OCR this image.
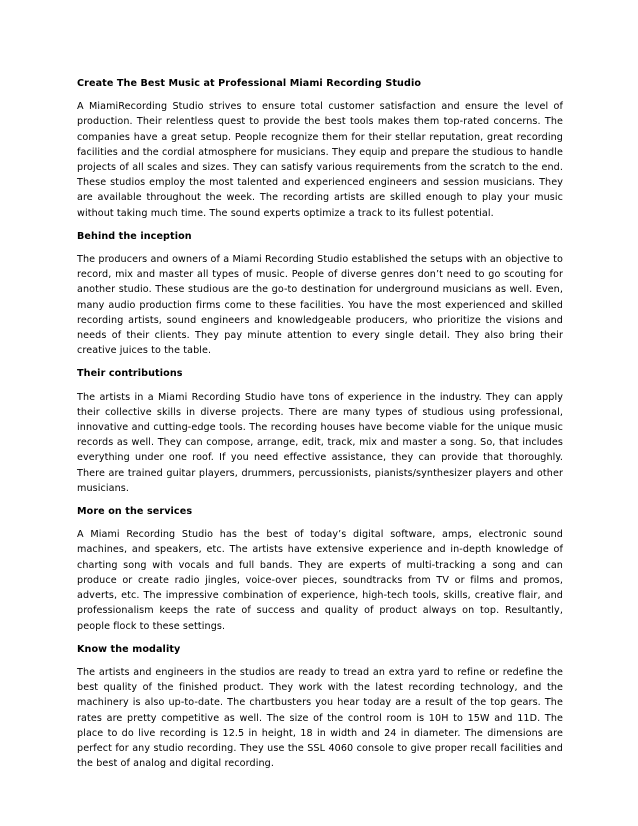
Create The Best Music at Professional Miami Recording Studio

A MiamiRecording Studio strives to ensure total customer satisfaction and ensure the level of production. Their relentless quest to provide the best tools makes them top-rated concerns. The companies have a great setup. People recognize them for their stellar reputation, great recording facilities and the cordial atmosphere for musicians. They equip and prepare the studious to handle projects of all scales and sizes. They can satisfy various requirements from the scratch to the end. These studios employ the most talented and experienced engineers and session musicians. They are available throughout the week. The recording artists are skilled enough to play your music without taking much time. The sound experts optimize a track to its fullest potential.

Behind the inception

The producers and owners of a Miami Recording Studio established the setups with an objective to record, mix and master all types of music. People of diverse genres don’t need to go scouting for another studio. These studious are the go-to destination for underground musicians as well. Even, many audio production firms come to these facilities. You have the most experienced and skilled recording artists, sound engineers and knowledgeable producers, who prioritize the visions and needs of their clients. They pay minute attention to every single detail. They also bring their creative juices to the table.

Their contributions

The artists in a Miami Recording Studio have tons of experience in the industry. They can apply their collective skills in diverse projects. There are many types of studious using professional, innovative and cutting-edge tools. The recording houses have become viable for the unique music records as well. They can compose, arrange, edit, track, mix and master a song. So, that includes everything under one roof. If you need effective assistance, they can provide that thoroughly. There are trained guitar players, drummers, percussionists, pianists/synthesizer players and other musicians.

More on the services

A Miami Recording Studio has the best of today’s digital software, amps, electronic sound machines, and speakers, etc. The artists have extensive experience and in-depth knowledge of charting song with vocals and full bands. They are experts of multi-tracking a song and can produce or create radio jingles, voice-over pieces, soundtracks from TV or films and promos, adverts, etc. The impressive combination of experience, high-tech tools, skills, creative flair, and professionalism keeps the rate of success and quality of product always on top. Resultantly, people flock to these settings.

Know the modality

The artists and engineers in the studios are ready to tread an extra yard to refine or redefine the best quality of the finished product. They work with the latest recording technology, and the machinery is also up-to-date. The chartbusters you hear today are a result of the top gears. The rates are pretty competitive as well. The size of the control room is 10H to 15W and 11D. The place to do live recording is 12.5 in height, 18 in width and 24 in diameter. The dimensions are perfect for any studio recording. They use the SSL 4060 console to give proper recall facilities and the best of analog and digital recording.
